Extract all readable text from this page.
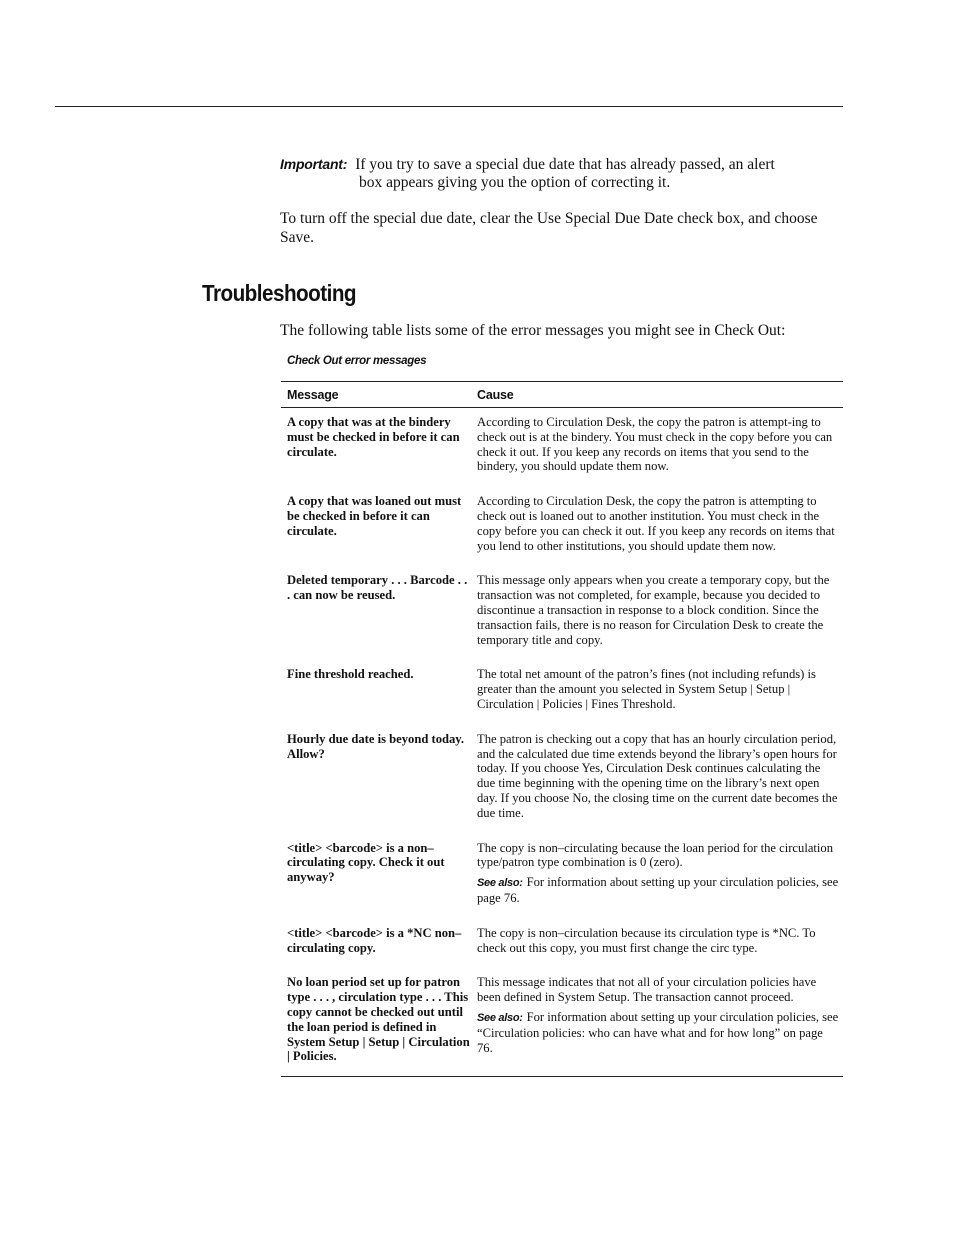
Important: If you try to save a special due date that has already passed, an alert
box appears giving you the option of correcting it.
To turn off the special due date, clear the Use Special Due Date check box, and choose Save.
Troubleshooting
The following table lists some of the error messages you might see in Check Out:
Check Out error messages
Message	Cause
A copy that was at the bindery must be checked in before it can circulate.
According to Circulation Desk, the copy the patron is attempt-ing to check out is at the bindery. You must check in the copy before you can check it out. If you keep any records on items that you send to the bindery, you should update them now.
A copy that was loaned out must be checked in before it can circulate.
According to Circulation Desk, the copy the patron is attempting to check out is loaned out to another institution. You must check in the copy before you can check it out. If you keep any records on items that you lend to other institutions, you should update them now.
Deleted temporary . . . Barcode . . . can now be reused.
This message only appears when you create a temporary copy, but the transaction was not completed, for example, because you decided to discontinue a transaction in response to a block condition. Since the transaction fails, there is no reason for Circulation Desk to create the temporary title and copy.
Fine threshold reached.	The total net amount of the patron’s fines (not including refunds) is greater than the amount you selected in System Setup | Setup | Circulation | Policies | Fines Threshold.
Hourly due date is beyond today. Allow?
The patron is checking out a copy that has an hourly circulation period, and the calculated due time extends beyond the library’s open hours for today. If you choose Yes, Circulation Desk continues calculating the due time beginning with the opening time on the library’s next open day. If you choose No, the closing time on the current date becomes the due time.
<title> <barcode> is a non–circulating copy. Check it out anyway?
The copy is non–circulating because the loan period for the circulation type/patron type combination is 0 (zero).
See also: For information about setting up your circulation policies, see page 76.
<title> <barcode> is a *NC non–circulating copy.
The copy is non–circulation because its circulation type is *NC. To check out this copy, you must first change the circ type.
No loan period set up for patron type . . . , circulation type . . . This copy cannot be checked out until the loan period is defined in System Setup | Setup | Circulation | Policies.
This message indicates that not all of your circulation policies have been defined in System Setup. The transaction cannot proceed.
See also: For information about setting up your circulation policies, see “Circulation policies: who can have what and for how long” on page 76.
